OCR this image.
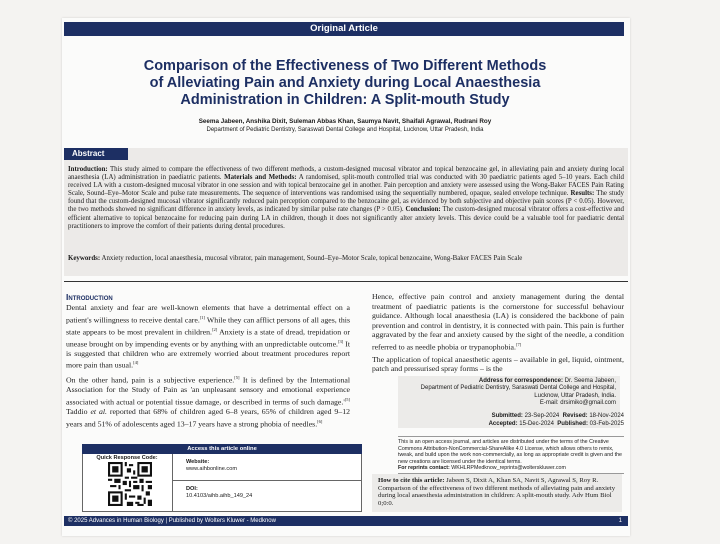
Original Article
Comparison of the Effectiveness of Two Different Methods
of Alleviating Pain and Anxiety during Local Anaesthesia
Administration in Children: A Split-mouth Study
Seema Jabeen, Anshika Dixit, Suleman Abbas Khan, Saumya Navit, Shaifali Agrawal, Rudrani Roy
Department of Pediatric Dentistry, Saraswati Dental College and Hospital, Lucknow, Uttar Pradesh, India
Abstract
Introduction: This study aimed to compare the effectiveness of two different methods, a custom-designed mucosal vibrator and topical benzocaine gel, in alleviating pain and anxiety during local anaesthesia (LA) administration in paediatric patients. Materials and Methods: A randomised, split-mouth controlled trial was conducted with 30 paediatric patients aged 5–10 years. Each child received LA with a custom-designed mucosal vibrator in one session and with topical benzocaine gel in another. Pain perception and anxiety were assessed using the Wong-Baker FACES Pain Rating Scale, Sound–Eye–Motor Scale and pulse rate measurements. The sequence of interventions was randomised using the sequentially numbered, opaque, sealed envelope technique. Results: The study found that the custom-designed mucosal vibrator significantly reduced pain perception compared to the benzocaine gel, as evidenced by both subjective and objective pain scores (P < 0.05). However, the two methods showed no significant difference in anxiety levels, as indicated by similar pulse rate changes (P > 0.05). Conclusion: The custom-designed mucosal vibrator offers a cost-effective and efficient alternative to topical benzocaine for reducing pain during LA in children, though it does not significantly alter anxiety levels. This device could be a valuable tool for paediatric dental practitioners to improve the comfort of their patients during dental procedures.
Keywords: Anxiety reduction, local anaesthesia, mucosal vibrator, pain management, Sound–Eye–Motor Scale, topical benzocaine, Wong-Baker FACES Pain Scale
Introduction

Dental anxiety and fear are well-known elements that have a detrimental effect on a patient's willingness to receive dental care.[1] While they can afflict persons of all ages, this state appears to be most prevalent in children.[2] Anxiety is a state of dread, trepidation or unease brought on by impending events or by anything with an unpredictable outcome.[3] It is suggested that children who are extremely worried about treatment procedures report more pain than usual.[4]

On the other hand, pain is a subjective experience.[5] It is defined by the International Association for the Study of Pain as 'an unpleasant sensory and emotional experience associated with actual or potential tissue damage, or described in terms of such damage.'[5] Taddio et al. reported that 68% of children aged 6–8 years, 65% of children aged 9–12 years and 51% of adolescents aged 13–17 years have a strong phobia of needles.[6]

Hence, effective pain control and anxiety management during the dental treatment of paediatric patients is the cornerstone for successful behaviour guidance. Although local anaesthesia (LA) is considered the backbone of pain prevention and control in dentistry, it is connected with pain. This pain is further aggravated by the fear and anxiety caused by the sight of the needle, a condition referred to as needle phobia or trypanophobia.[7]

The application of topical anaesthetic agents – available in gel, liquid, ointment, patch and pressurised spray forms – is the

Address for correspondence: Dr. Seema Jabeen,
Department of Pediatric Dentistry, Saraswati Dental College and Hospital,
Lucknow, Uttar Pradesh, India.
E-mail: drsimiko@gmail.com
Submitted: 23-Sep-2024 Revised: 18-Nov-2024
Accepted: 15-Dec-2024 Published: 03-Feb-2025
This is an open access journal, and articles are distributed under the terms of the Creative Commons Attribution-NonCommercial-ShareAlike 4.0 License, which allows others to remix, tweak, and build upon the work non-commercially, as long as appropriate credit is given and the new creations are licensed under the identical terms.
For reprints contact: WKHLRPMedknow_reprints@wolterskluwer.com
How to cite this article: Jabeen S, Dixit A, Khan SA, Navit S, Agrawal S, Roy R. Comparison of the effectiveness of two different methods of alleviating pain and anxiety during local anaesthesia administration in children: A split-mouth study. Adv Hum Biol 0;0:0.
Access this article online
Quick Response Code:
Website:
www.aihbonline.com
DOI:
10.4103/aihb.aihb_149_24
© 2025 Advances in Human Biology | Published by Wolters Kluwer - Medknow	1
